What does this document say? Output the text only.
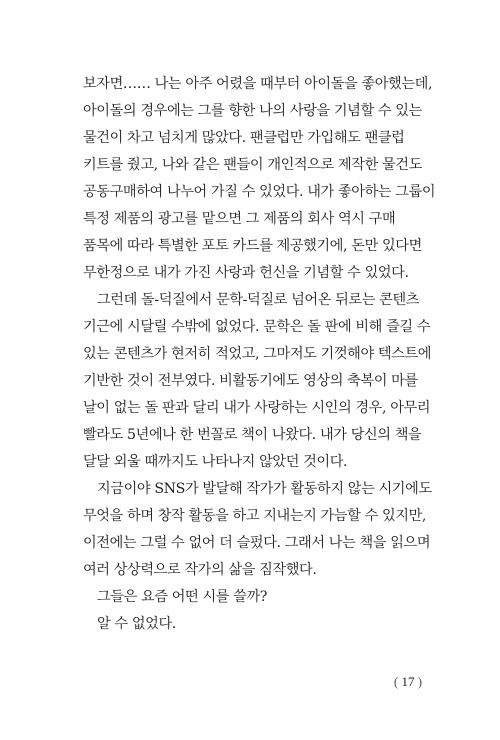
보자면…… 나는 아주 어렸을 때부터 아이돌을 좋아했는데,
아이돌의 경우에는 그를 향한 나의 사랑을 기념할 수 있는
물건이 차고 넘치게 많았다. 팬클럽만 가입해도 팬클럽
키트를 줬고, 나와 같은 팬들이 개인적으로 제작한 물건도
공동구매하여 나누어 가질 수 있었다. 내가 좋아하는 그룹이
특정 제품의 광고를 맡으면 그 제품의 회사 역시 구매
품목에 따라 특별한 포토 카드를 제공했기에, 돈만 있다면
무한정으로 내가 가진 사랑과 헌신을 기념할 수 있었다.
그런데 돌-덕질에서 문학-덕질로 넘어온 뒤로는 콘텐츠
기근에 시달릴 수밖에 없었다. 문학은 돌 판에 비해 즐길 수
있는 콘텐츠가 현저히 적었고, 그마저도 기껏해야 텍스트에
기반한 것이 전부였다. 비활동기에도 영상의 축복이 마를
날이 없는 돌 판과 달리 내가 사랑하는 시인의 경우, 아무리
빨라도 5년에나 한 번꼴로 책이 나왔다. 내가 당신의 책을
달달 외울 때까지도 나타나지 않았던 것이다.
지금이야 SNS가 발달해 작가가 활동하지 않는 시기에도
무엇을 하며 창작 활동을 하고 지내는지 가늠할 수 있지만,
이전에는 그럴 수 없어 더 슬펐다. 그래서 나는 책을 읽으며
여러 상상력으로 작가의 삶을 짐작했다.
그들은 요즘 어떤 시를 쓸까?
알 수 없었다.
( 17 )
